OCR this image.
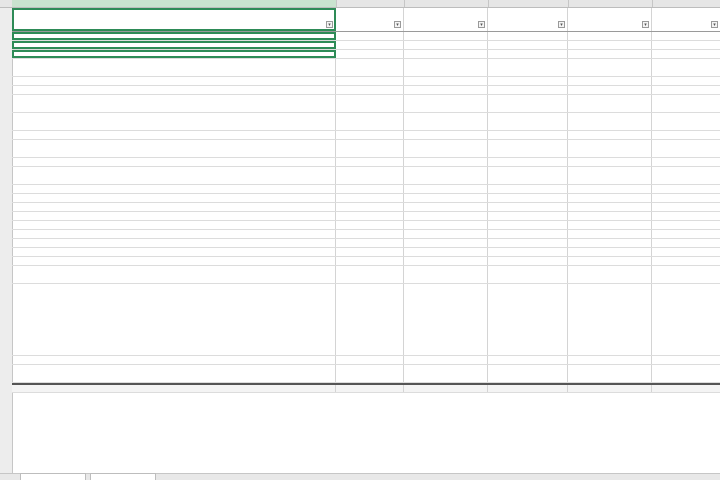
▾	▾	▾	▾	▾	▾
